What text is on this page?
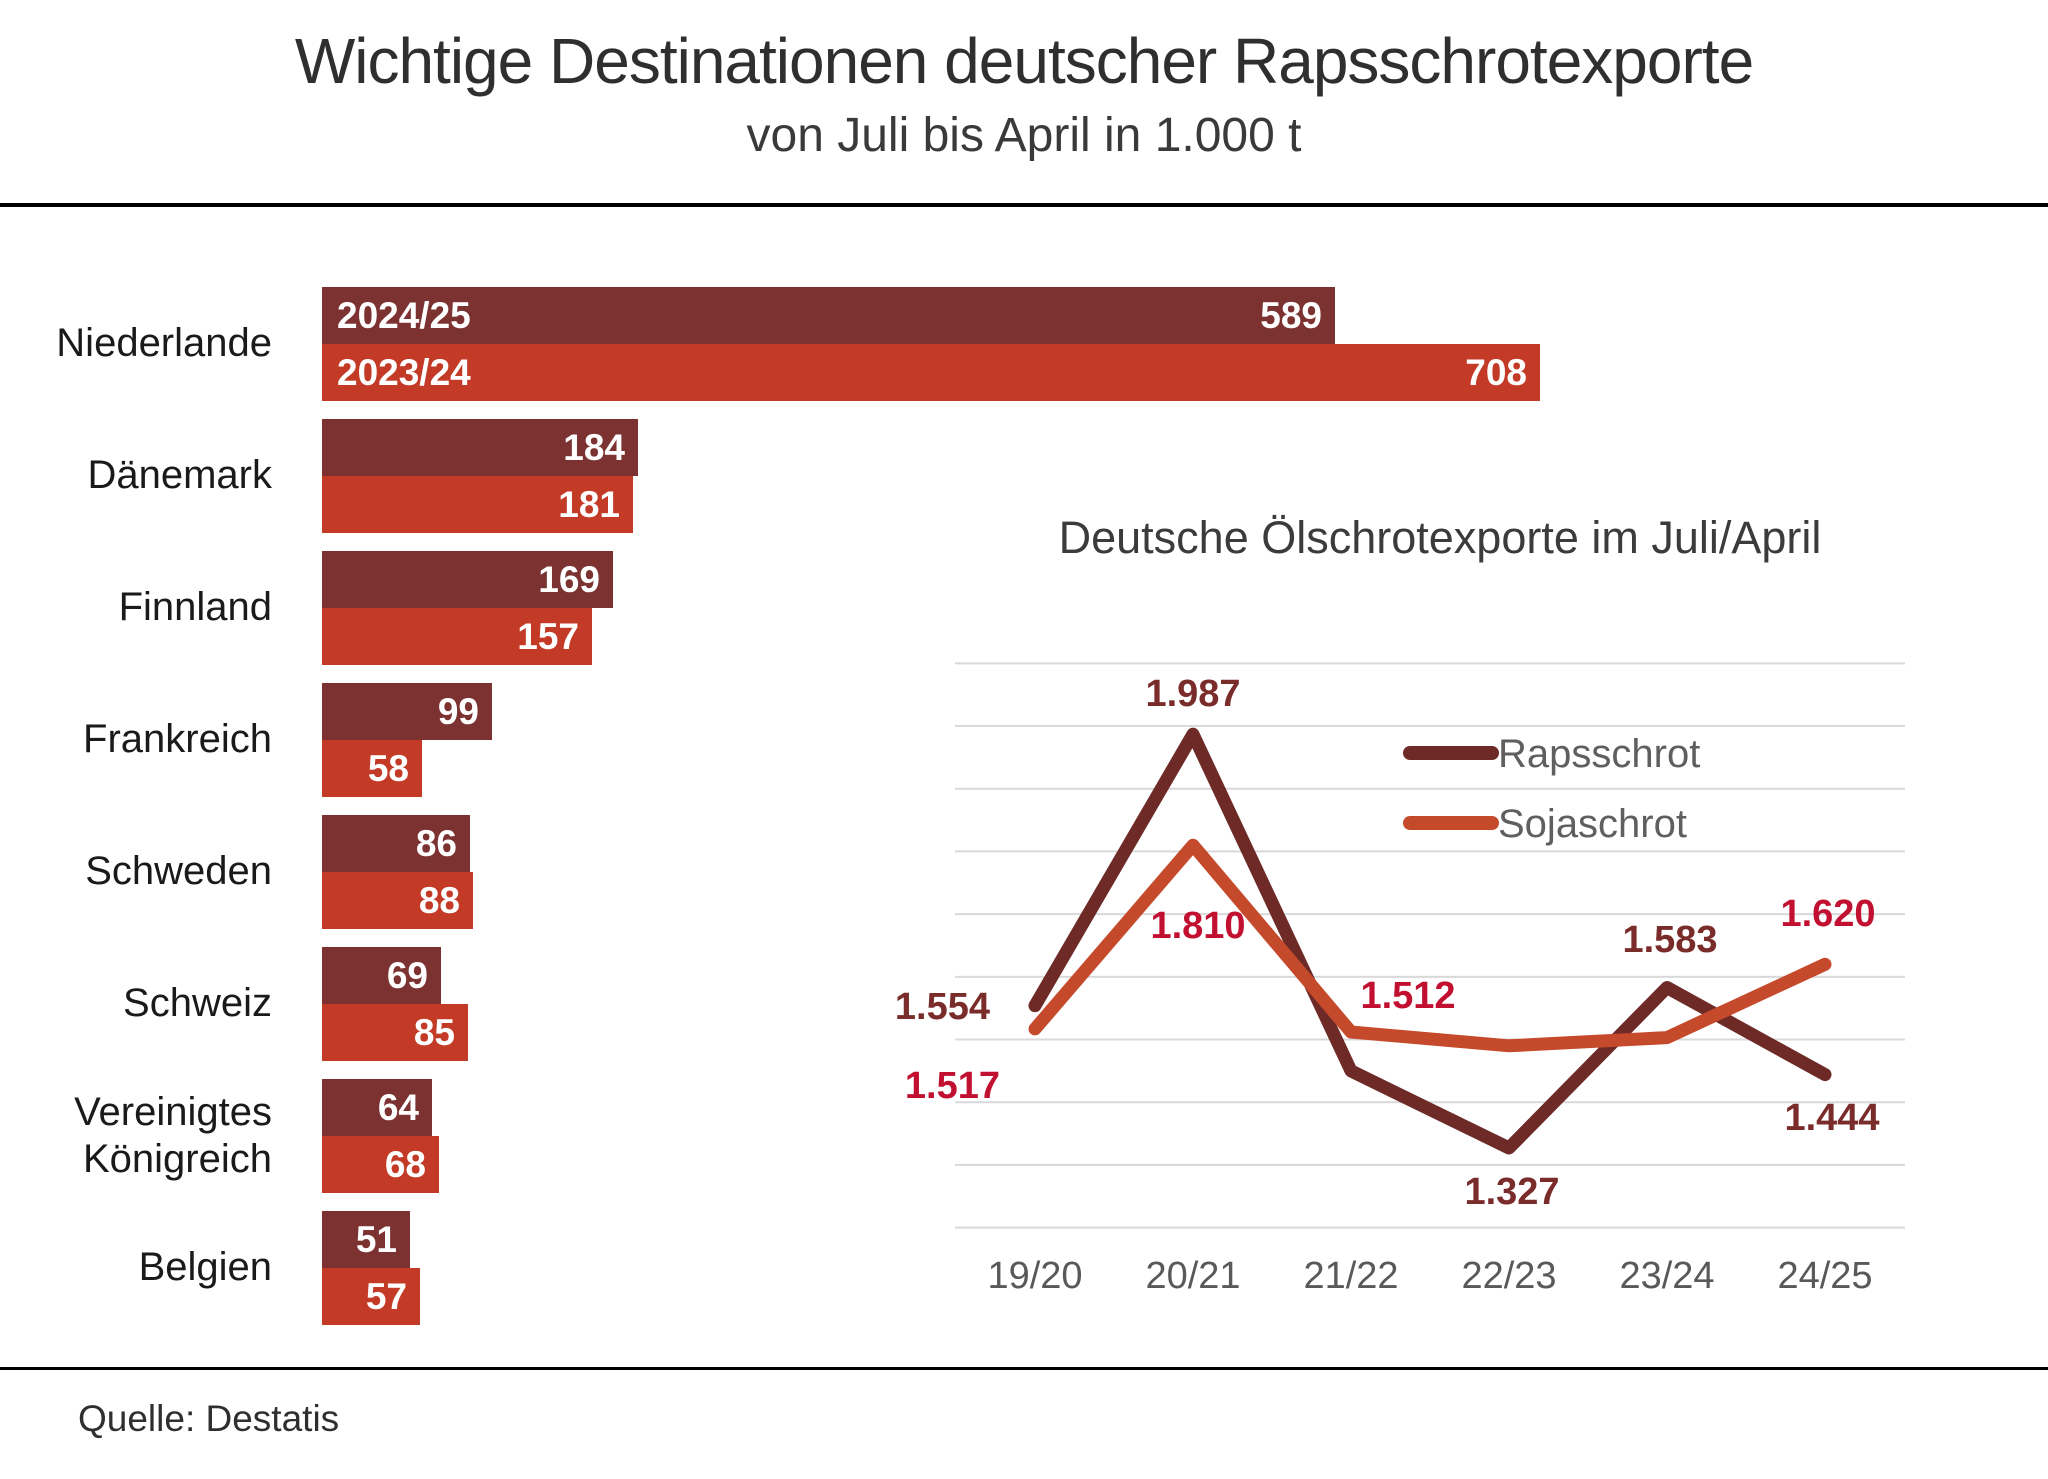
Wichtige Destinationen deutscher Rapsschrotexporte
von Juli bis April in 1.000 t
Niederlande
2024/25	589
2023/24	708
Dänemark
184
181
Finnland
169
157
Frankreich
99
58
Schweden
86
88
Schweiz
69
85
Vereinigtes Königreich
64
68
Belgien
51
57
Deutsche Ölschrotexporte im Juli/April
1.554
1.987
1.327
1.583
1.444
1.517
1.810
1.512
1.620
Rapsschrot
Sojaschrot
19/20 20/21 21/22 22/23 23/24 24/25
Quelle: Destatis
